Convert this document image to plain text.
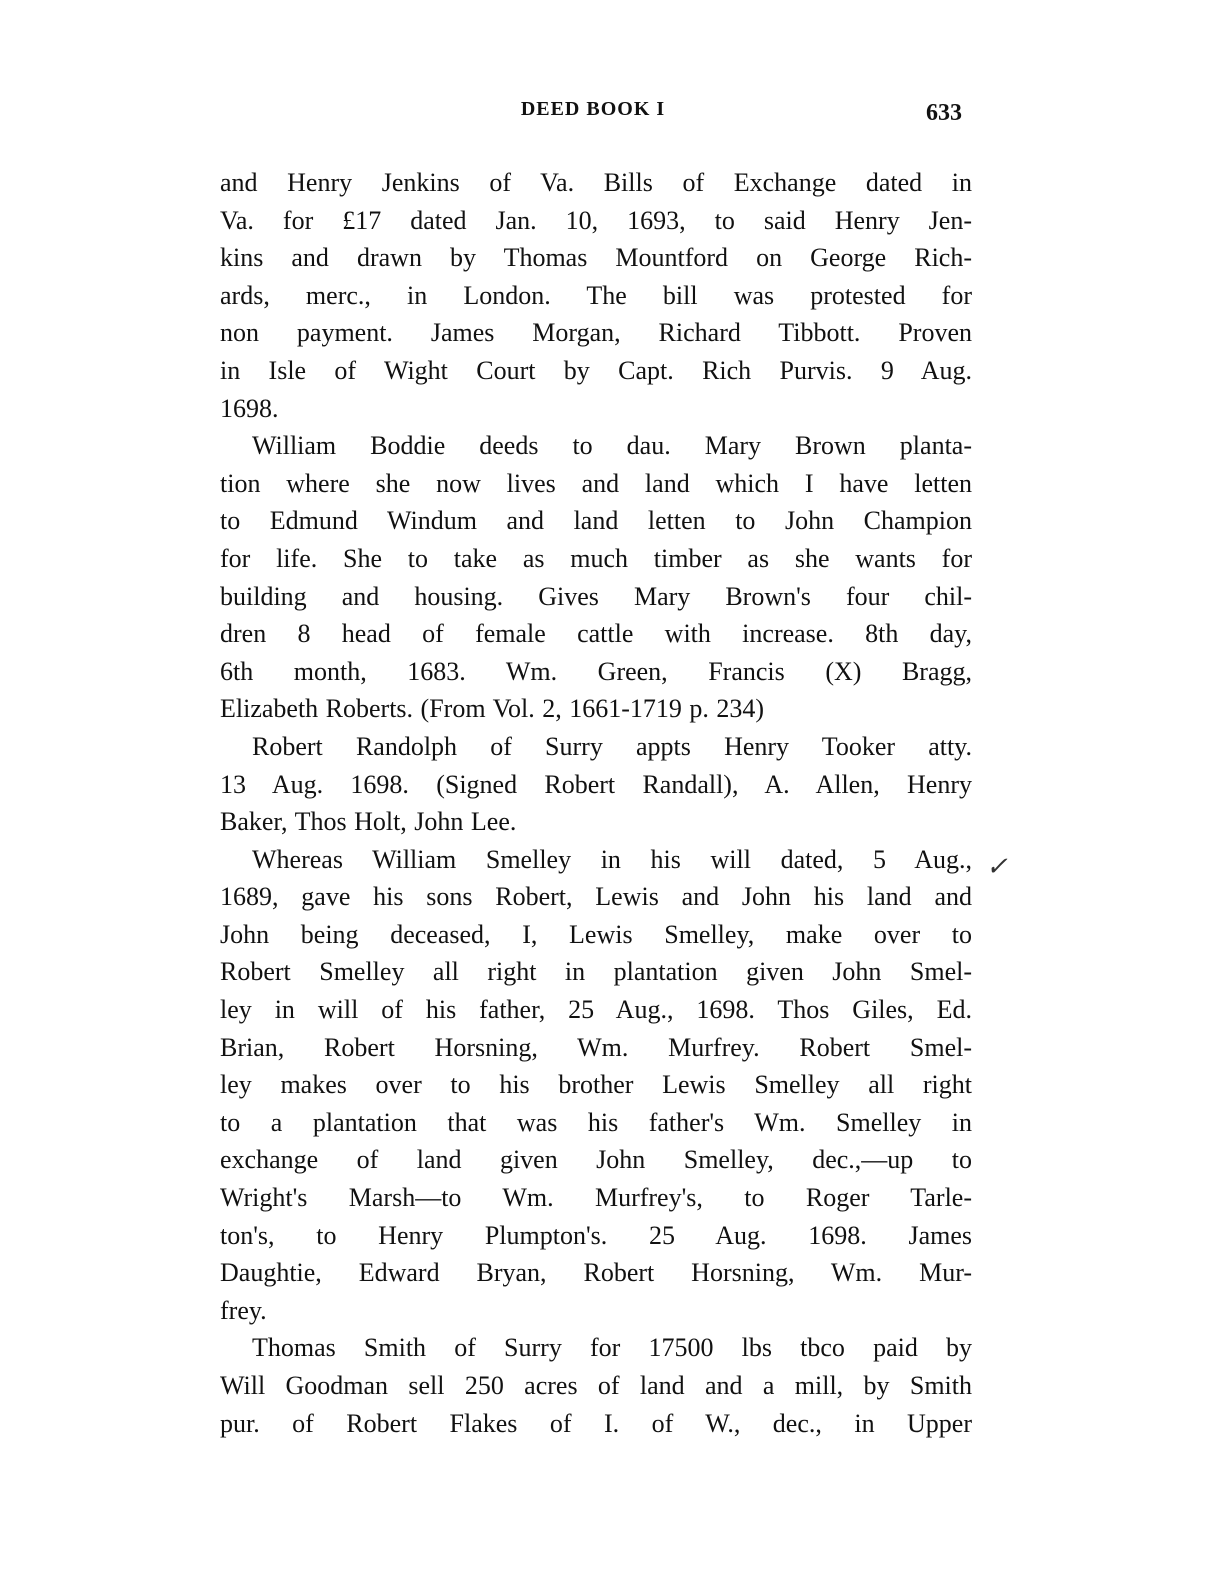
DEED BOOK I	633
✓

and Henry Jenkins of Va. Bills of Exchange dated in
Va. for £17 dated Jan. 10, 1693, to said Henry Jen-
kins and drawn by Thomas Mountford on George Rich-
ards, merc., in London. The bill was protested for
non payment. James Morgan, Richard Tibbott. Proven
in Isle of Wight Court by Capt. Rich Purvis. 9 Aug.
1698.

William Boddie deeds to dau. Mary Brown planta-
tion where she now lives and land which I have letten
to Edmund Windum and land letten to John Champion
for life. She to take as much timber as she wants for
building and housing. Gives Mary Brown's four chil-
dren 8 head of female cattle with increase. 8th day,
6th month, 1683. Wm. Green, Francis (X) Bragg,
Elizabeth Roberts. (From Vol. 2, 1661-1719 p. 234)

Robert Randolph of Surry appts Henry Tooker atty.
13 Aug. 1698. (Signed Robert Randall), A. Allen, Henry
Baker, Thos Holt, John Lee.

Whereas William Smelley in his will dated, 5 Aug.,
1689, gave his sons Robert, Lewis and John his land and
John being deceased, I, Lewis Smelley, make over to
Robert Smelley all right in plantation given John Smel-
ley in will of his father, 25 Aug., 1698. Thos Giles, Ed.
Brian, Robert Horsning, Wm. Murfrey. Robert Smel-
ley makes over to his brother Lewis Smelley all right
to a plantation that was his father's Wm. Smelley in
exchange of land given John Smelley, dec.,—up to
Wright's Marsh—to Wm. Murfrey's, to Roger Tarle-
ton's, to Henry Plumpton's. 25 Aug. 1698. James
Daughtie, Edward Bryan, Robert Horsning, Wm. Mur-
frey.

Thomas Smith of Surry for 17500 lbs tbco paid by
Will Goodman sell 250 acres of land and a mill, by Smith
pur. of Robert Flakes of I. of W., dec., in Upper
